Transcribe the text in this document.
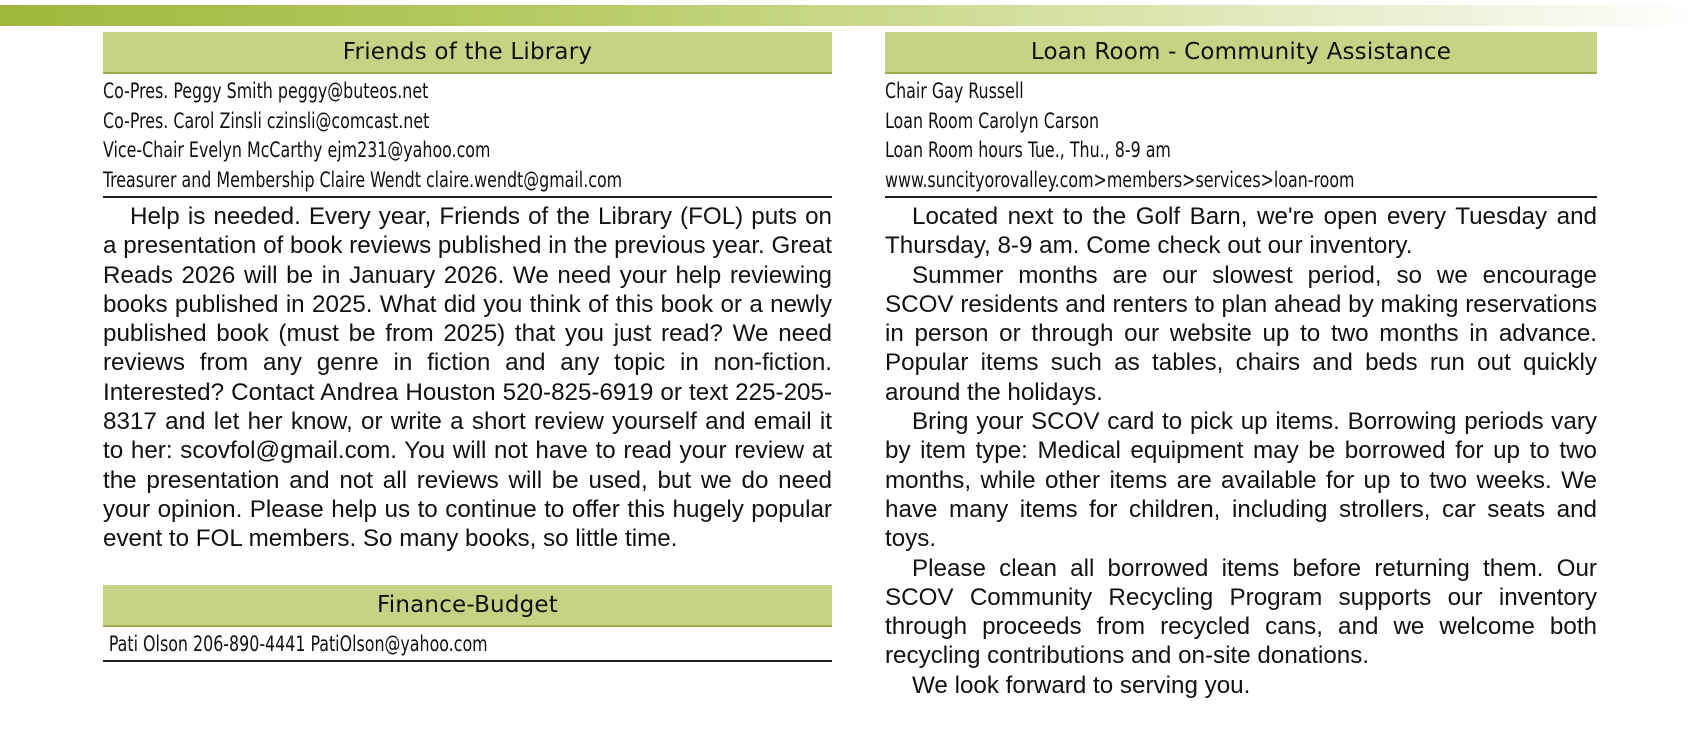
Friends of the Library
Co-Pres. Peggy Smith peggy@buteos.net
Co-Pres. Carol Zinsli czinsli@comcast.net
Vice-Chair Evelyn McCarthy ejm231@yahoo.com
Treasurer and Membership Claire Wendt claire.wendt@gmail.com

Help is needed. Every year, Friends of the Library (FOL) puts on a presentation of book reviews published in the previous year. Great Reads 2026 will be in January 2026. We need your help reviewing books published in 2025. What did you think of this book or a newly published book (must be from 2025) that you just read? We need reviews from any genre in fiction and any topic in non-fiction. Interested? Contact Andrea Houston 520-825-6919 or text 225-205-8317 and let her know, or write a short review yourself and email it to her: scovfol@gmail.com. You will not have to read your review at the presentation and not all reviews will be used, but we do need your opinion. Please help us to continue to offer this hugely popular event to FOL members. So many books, so little time.

Finance-Budget
Pati Olson 206-890-4441 PatiOlson@yahoo.com
Loan Room - Community Assistance
Chair Gay Russell
Loan Room Carolyn Carson
Loan Room hours Tue., Thu., 8-9 am
www.suncityorovalley.com>members>services>loan-room

Located next to the Golf Barn, we're open every Tuesday and Thursday, 8-9 am. Come check out our inventory.

Summer months are our slowest period, so we encourage SCOV residents and renters to plan ahead by making reservations in person or through our website up to two months in advance. Popular items such as tables, chairs and beds run out quickly around the holidays.

Bring your SCOV card to pick up items. Borrowing periods vary by item type: Medical equipment may be borrowed for up to two months, while other items are available for up to two weeks. We have many items for children, including strollers, car seats and toys.

Please clean all borrowed items before returning them. Our SCOV Community Recycling Program supports our inventory through proceeds from recycled cans, and we welcome both recycling contributions and on-site donations.

We look forward to serving you.
